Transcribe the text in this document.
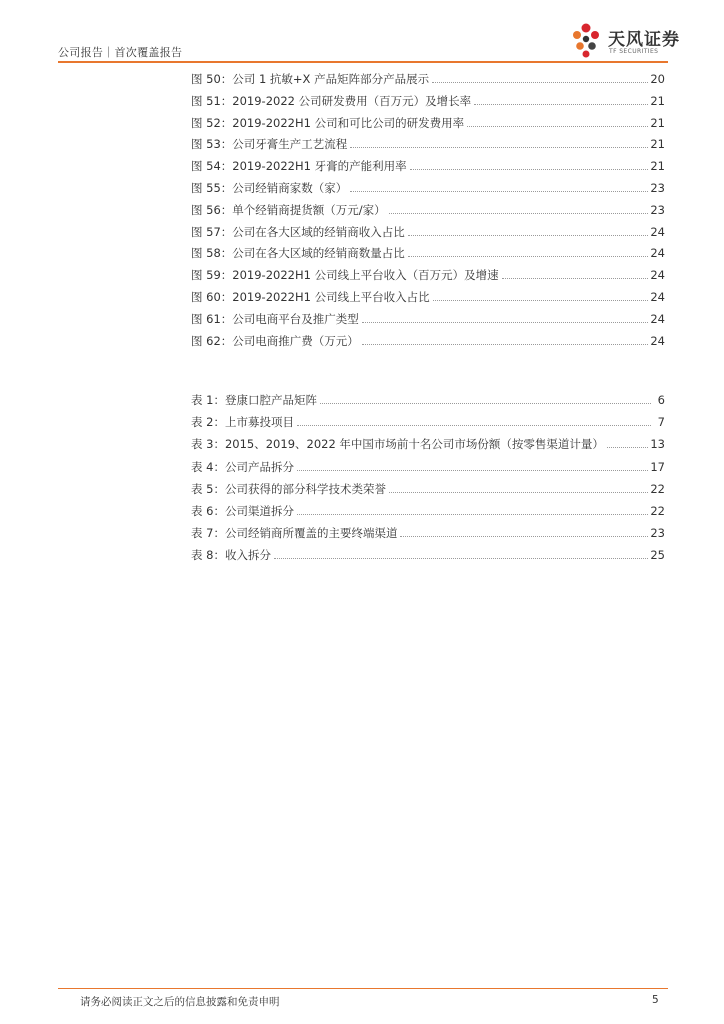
公司报告｜首次覆盖报告
天风证券
TF SECURITIES
图 50：公司 1 抗敏+X 产品矩阵部分产品展示	20
图 51：2019-2022 公司研发费用（百万元）及增长率	21
图 52：2019-2022H1 公司和可比公司的研发费用率	21
图 53：公司牙膏生产工艺流程	21
图 54：2019-2022H1 牙膏的产能利用率	21
图 55：公司经销商家数（家）	23
图 56：单个经销商提货额（万元/家）	23
图 57：公司在各大区域的经销商收入占比	24
图 58：公司在各大区域的经销商数量占比	24
图 59：2019-2022H1 公司线上平台收入（百万元）及增速	24
图 60：2019-2022H1 公司线上平台收入占比	24
图 61：公司电商平台及推广类型	24
图 62：公司电商推广费（万元）	24
表 1：登康口腔产品矩阵	6
表 2：上市募投项目	7
表 3：2015、2019、2022 年中国市场前十名公司市场份额（按零售渠道计量）	13
表 4：公司产品拆分	17
表 5：公司获得的部分科学技术类荣誉	22
表 6：公司渠道拆分	22
表 7：公司经销商所覆盖的主要终端渠道	23
表 8：收入拆分	25
请务必阅读正文之后的信息披露和免责申明	5
